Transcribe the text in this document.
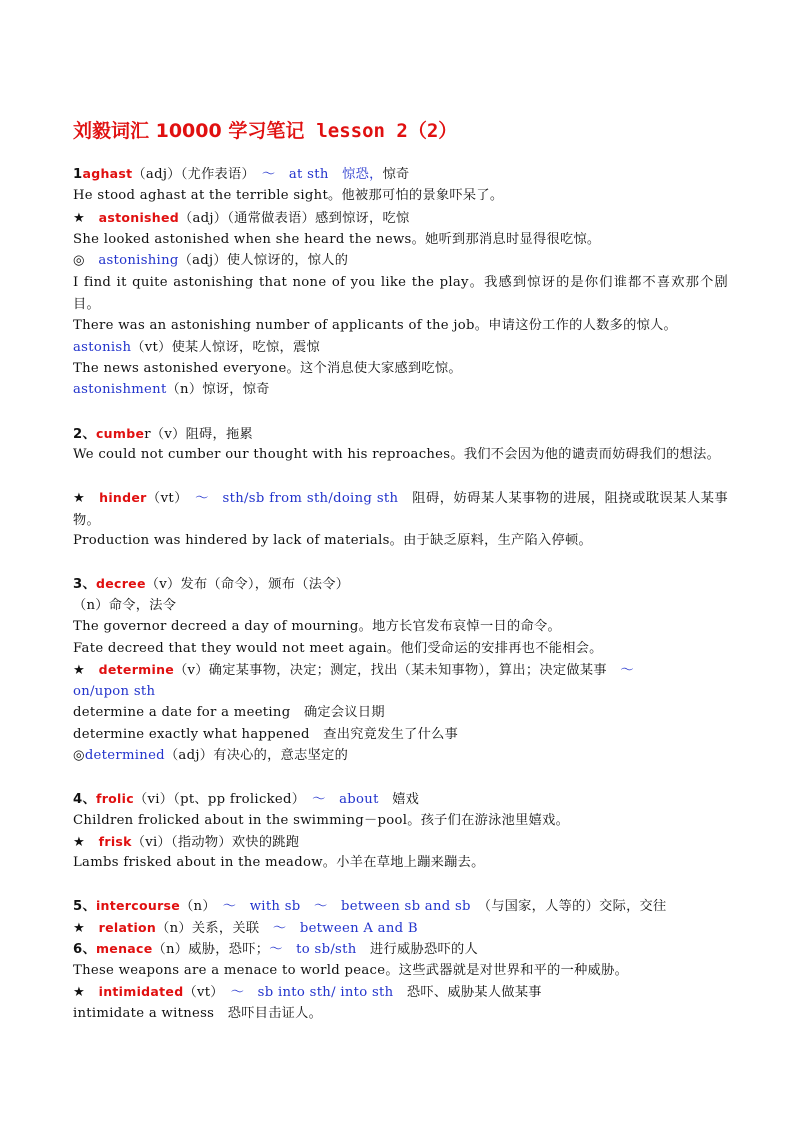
刘毅词汇 10000 学习笔记 lesson 2（2）
1aghast（adj）（尤作表语）　 ～　at sth　惊恐，惊奇
He stood aghast at the terrible sight。他被那可怕的景象吓呆了。
★　 astonished（adj）（通常做表语）感到惊讶，吃惊
She looked astonished when she heard the news。她听到那消息时显得很吃惊。
◎　 astonishing（adj）使人惊讶的，惊人的
I find it quite astonishing that none of you like the play。我感到惊讶的是你们谁都不喜欢那个剧目。
There was an astonishing number of applicants of the job。申请这份工作的人数多的惊人。
astonish（vt）使某人惊讶，吃惊，震惊
The news astonished everyone。这个消息使大家感到吃惊。
astonishment（n）惊讶，惊奇
2、cumber（v）阻碍，拖累
We could not cumber our thought with his reproaches。我们不会因为他的谴责而妨碍我们的想法。
★　 hinder（vt）　 ～　sth/sb from sth/doing sth　 阻碍，妨碍某人某事物的进展，阻挠或耽误某人某事物。
Production was hindered by lack of materials。由于缺乏原料，生产陷入停顿。
3、decree（v）发布（命令），颁布（法令）
（n）命令，法令
The governor decreed a day of mourning。地方长官发布哀悼一日的命令。
Fate decreed that they would not meet again。他们受命运的安排再也不能相会。
★　 determine（v）确定某事物，决定；测定，找出（某未知事物），算出；决定做某事　 ～
on/upon sth
determine a date for a meeting　确定会议日期
determine exactly what happened　查出究竟发生了什么事
◎determined（adj）有决心的，意志坚定的
4、frolic（vi）（pt、pp frolicked）　 ～　about　 嬉戏
Children frolicked about in the swimming－pool。孩子们在游泳池里嬉戏。
★　 frisk（vi）（指动物）欢快的跳跑
Lambs frisked about in the meadow。小羊在草地上蹦来蹦去。
5、intercourse（n）　 ～　with sb　～　between sb and sb　 （与国家，人等的）交际，交往
★　 relation（n）关系，关联　 ～　between A and B
6、menace（n）威胁，恐吓；～　to sb/sth　 进行威胁恐吓的人
These weapons are a menace to world peace。这些武器就是对世界和平的一种威胁。
★　 intimidated（vt）　 ～　sb into sth/ into sth　 恐吓、威胁某人做某事
intimidate a witness　恐吓目击证人。
